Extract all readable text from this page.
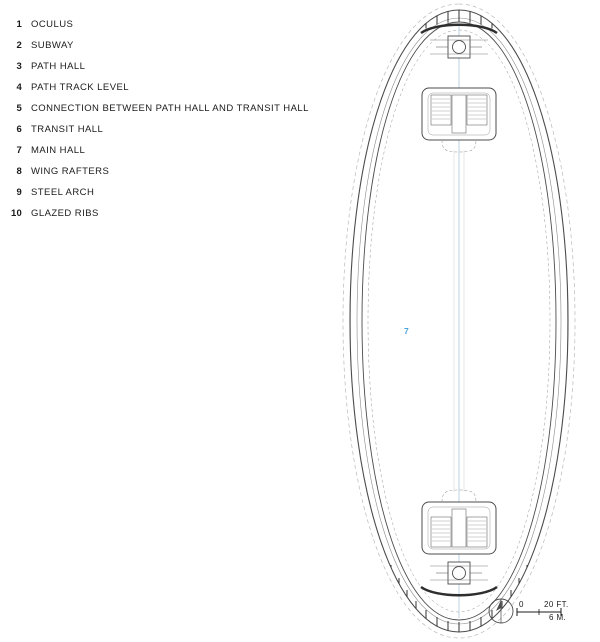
1 OCULUS
2 SUBWAY
3 PATH HALL
4 PATH TRACK LEVEL
5 CONNECTION BETWEEN PATH HALL AND TRANSIT HALL
6 TRANSIT HALL
7 MAIN HALL
8 WING RAFTERS
9 STEEL ARCH
10 GLAZED RIBS
7
0	20 FT.
6 M.
